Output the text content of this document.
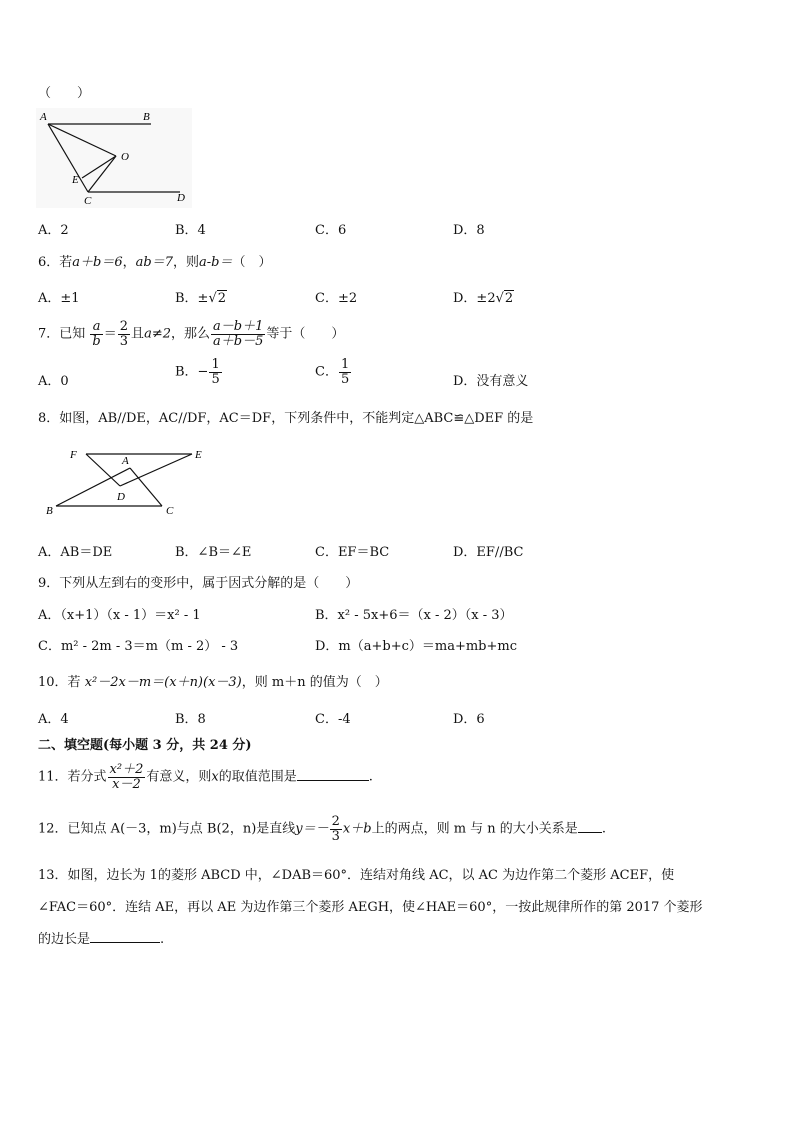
（　　）
A	B
O
E
C	D
A．2	B．4	C．6	D．8
6．若a＋b＝6，ab＝7，则a-b＝（　）
A．±1	B．±√2	C．±2	D．±2√2
7．已知 $\frac{a}{b} = \frac{2}{3}$ 且a≠2，那么 $\frac{a-b+1}{a+b-5}$ 等于（　　）
A．0
B．− $\frac{1}{5}$	C． $\frac{1}{5}$	D．没有意义
8．如图，AB//DE，AC//DF，AC＝DF，下列条件中，不能判定△ABC≌△DEF 的是
F	A	E
D
B	C
A．AB＝DE	B．∠B＝∠E	C．EF＝BC	D．EF//BC
9．下列从左到右的变形中，属于因式分解的是（　　）
A．（x+1）（x - 1）＝x² - 1	B．x² - 5x+6＝（x - 2）（x - 3）
C．m² - 2m - 3＝m（m - 2） - 3	D．m（a+b+c）＝ma+mb+mc
10．若 x²－2x－m＝(x＋n)(x－3)，则 m＋n 的值为（　）
A．4	B．8	C．-4	D．6
二、填空题(每小题 3 分，共 24 分)
11．若分式 $\frac{\text{x²＋2}}{x-2}$ 有意义，则x的取值范围是	.
12．已知点 A(－3，m)与点 B(2，n)是直线$y=- \frac{2}{3} x+b$上的两点，则 m 与 n 的大小关系是 .
13．如图，边长为 1的菱形 ABCD 中，∠DAB＝60°．连结对角线 AC，以 AC 为边作第二个菱形 ACEF，使
∠FAC＝60°．连结 AE，再以 AE 为边作第三个菱形 AEGH，使∠HAE＝60°，一按此规律所作的第 2017 个菱形
的边长是	.
